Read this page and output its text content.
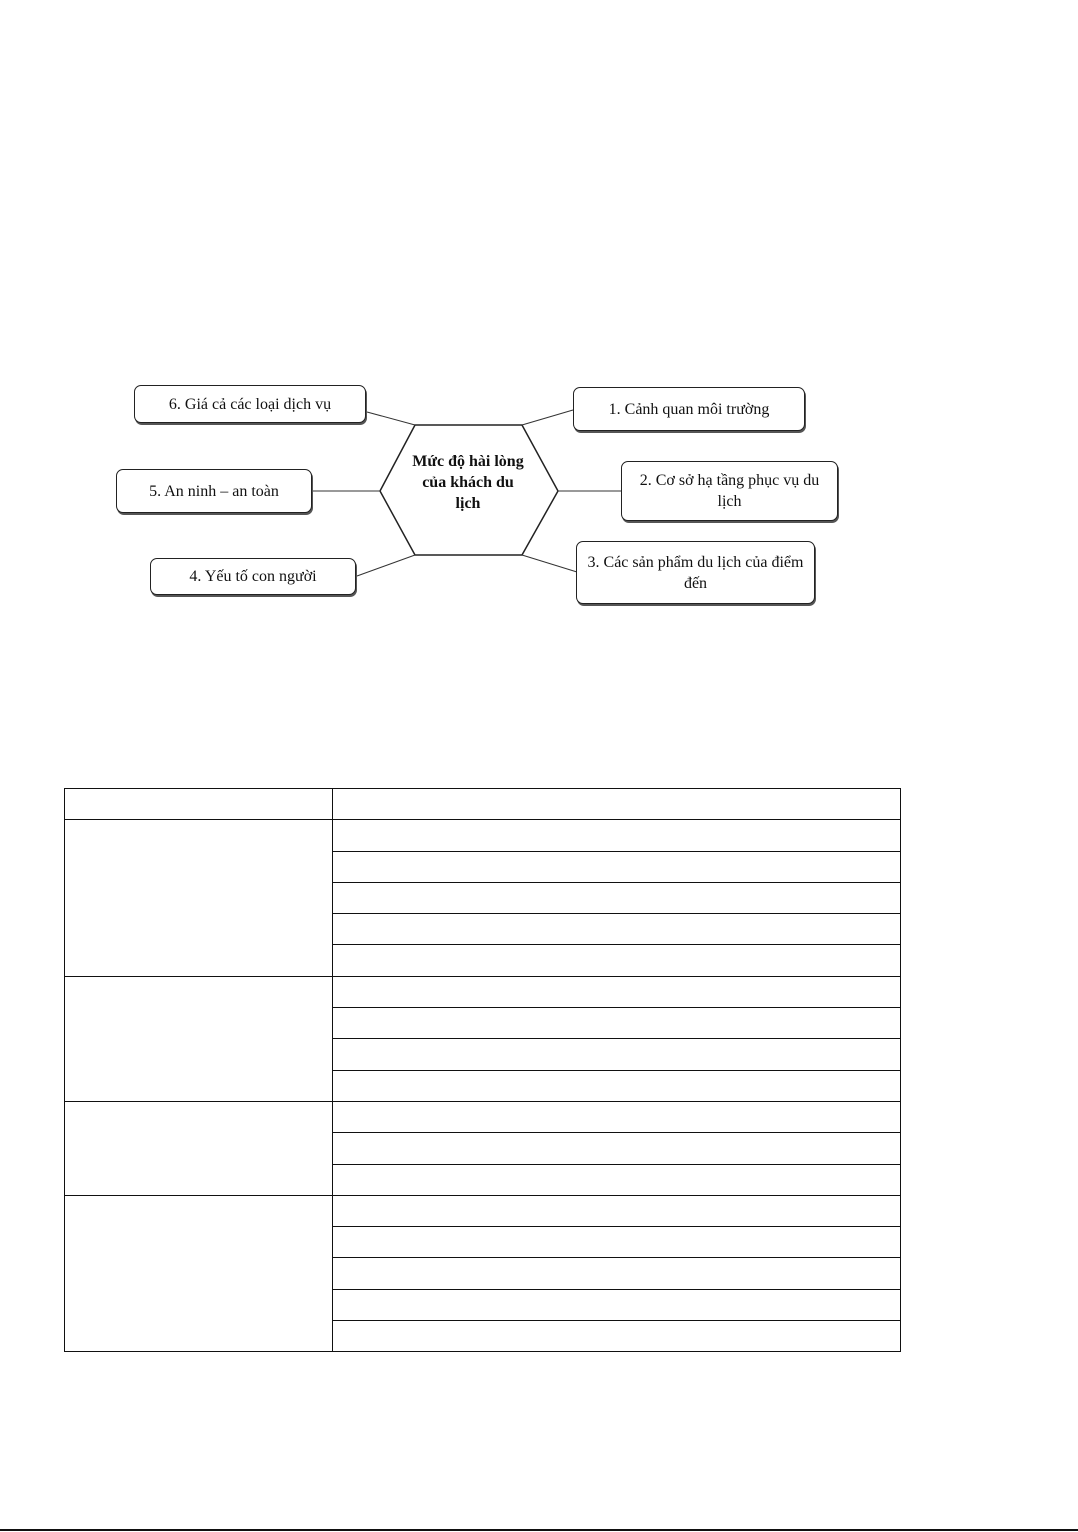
Mức độ hài lòng của khách du lịch
1. Cảnh quan môi trường
2. Cơ sở hạ tầng phục vụ du lịch
3. Các sản phẩm du lịch của điểm đến
4. Yếu tố con người
5. An ninh – an toàn
6. Giá cả các loại dịch vụ
